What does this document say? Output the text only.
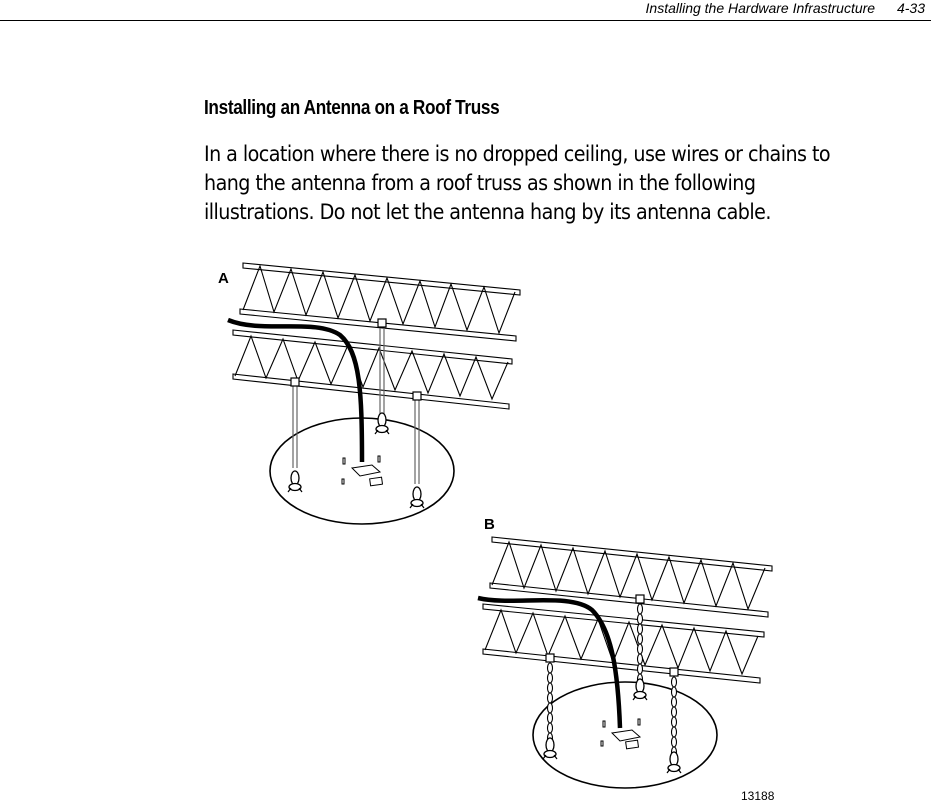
Installing the Hardware Infrastructure 4-33
Installing an Antenna on a Roof Truss
In a location where there is no dropped ceiling, use wires or chains to
hang the antenna from a roof truss as shown in the following
illustrations. Do not let the antenna hang by its antenna cable.
A
B
13188
